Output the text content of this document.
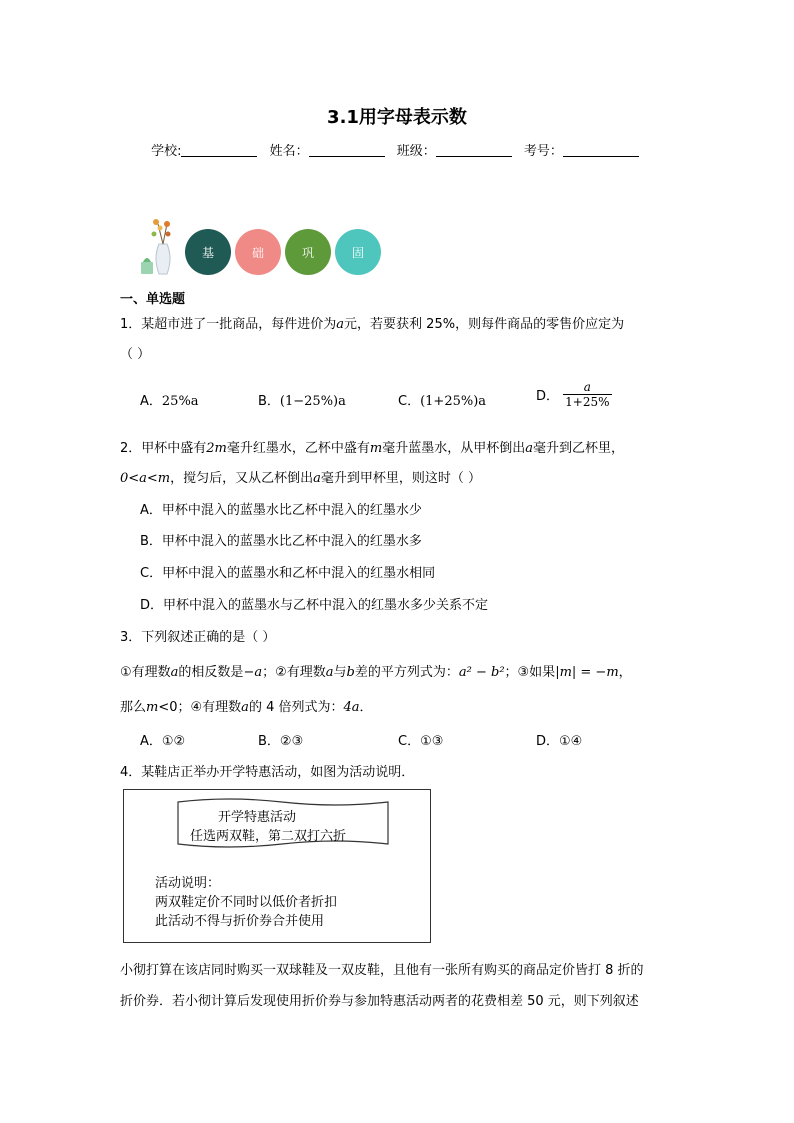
3.1用字母表示数
学校:	姓名：	班级：	考号：
基	础	巩	固
一、单选题
1．某超市进了一批商品，每件进价为a元，若要获利 25%，则每件商品的零售价应定为
（ ）
A．25%a	B．(1−25%)a	C．(1+25%)a	D． $\frac{a}{1+25\%}$
2．甲杯中盛有2m毫升红墨水，乙杯中盛有m毫升蓝墨水，从甲杯倒出a毫升到乙杯里，
0<a<m，搅匀后，又从乙杯倒出a毫升到甲杯里，则这时（ ）
A．甲杯中混入的蓝墨水比乙杯中混入的红墨水少
B．甲杯中混入的蓝墨水比乙杯中混入的红墨水多
C．甲杯中混入的蓝墨水和乙杯中混入的红墨水相同
D．甲杯中混入的蓝墨水与乙杯中混入的红墨水多少关系不定
3．下列叙述正确的是（ ）
①有理数a的相反数是−a；②有理数a与b差的平方列式为：a² − b²；③如果|m| = −m，
那么m<0；④有理数a的 4 倍列式为：4a．
A．①②	B．②③	C．①③	D．①④
4．某鞋店正举办开学特惠活动，如图为活动说明．
开学特惠活动
任选两双鞋，第二双打六折
活动说明：
两双鞋定价不同时以低价者折扣
此活动不得与折价券合并使用
小彻打算在该店同时购买一双球鞋及一双皮鞋，且他有一张所有购买的商品定价皆打 8 折的
折价券．若小彻计算后发现使用折价券与参加特惠活动两者的花费相差 50 元，则下列叙述
